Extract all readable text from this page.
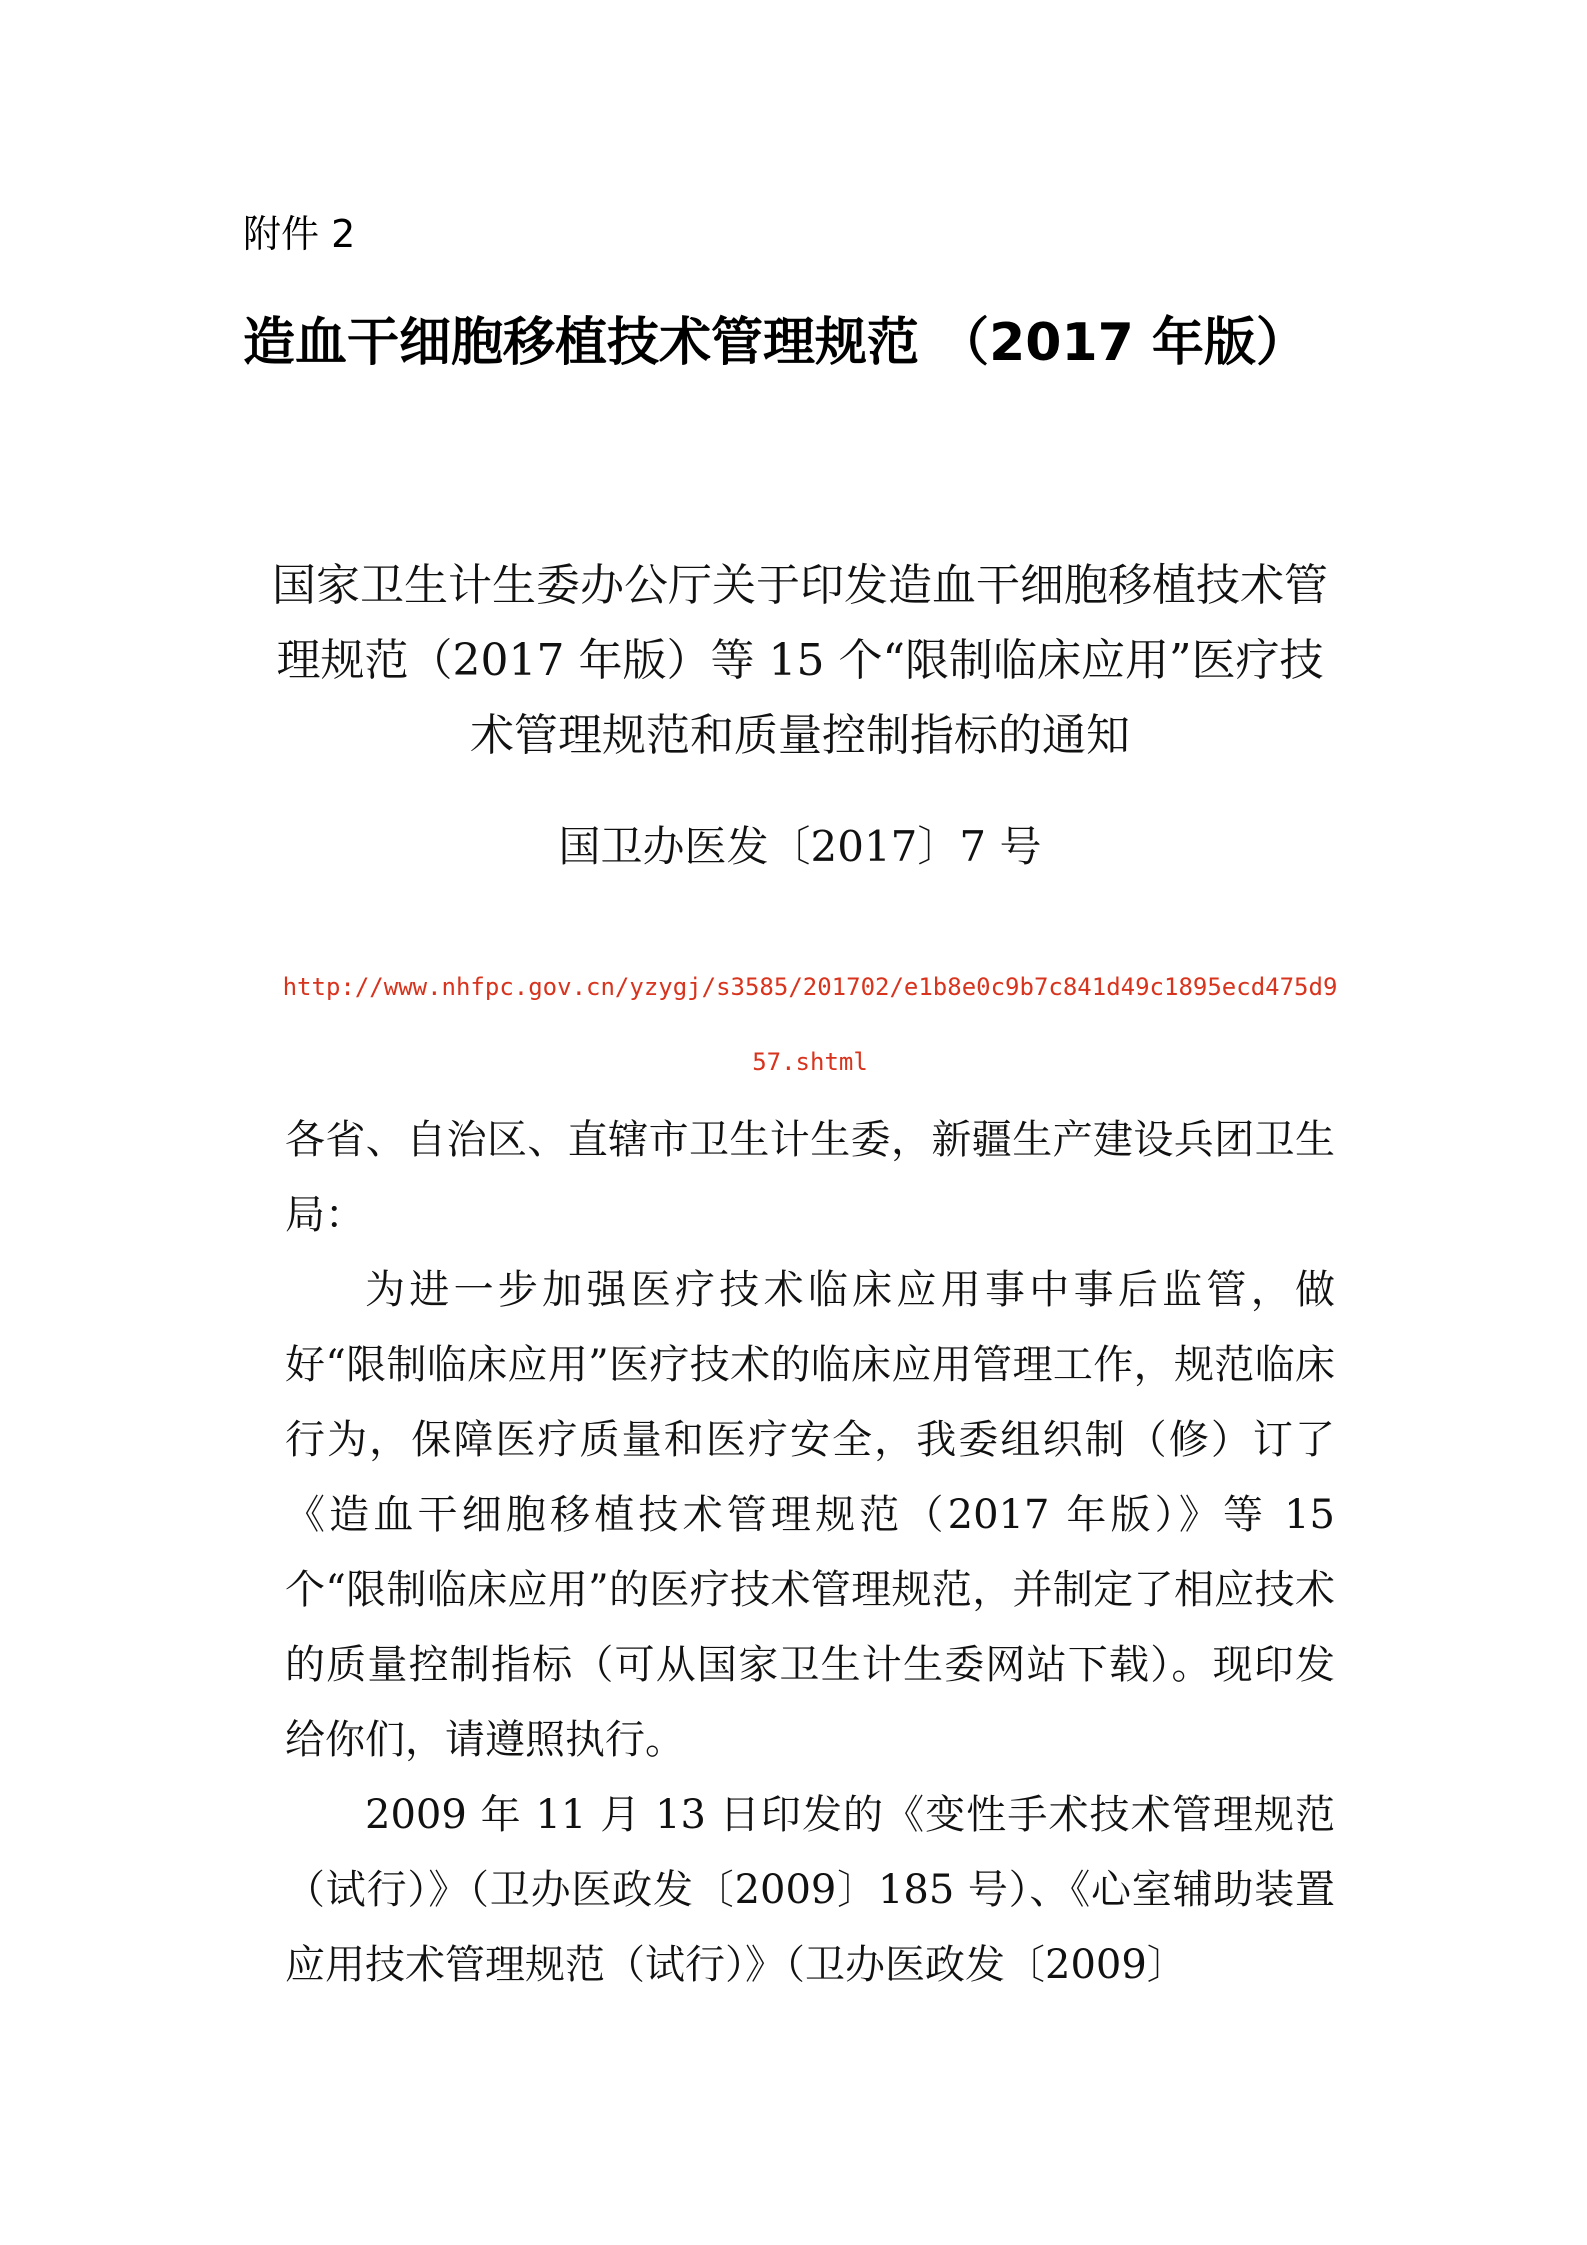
附件 2
造血干细胞移植技术管理规范 （2017 年版）
国家卫生计生委办公厅关于印发造血干细胞移植技术管理规范（2017 年版）等 15 个“限制临床应用”医疗技术管理规范和质量控制指标的通知
国卫办医发〔2017〕7 号
http://www.nhfpc.gov.cn/yzygj/s3585/201702/e1b8e0c9b7c841d49c1895ecd475d957.shtml

各省、自治区、直辖市卫生计生委，新疆生产建设兵团卫生局：

为进一步加强医疗技术临床应用事中事后监管，做好“限制临床应用”医疗技术的临床应用管理工作，规范临床行为，保障医疗质量和医疗安全，我委组织制（修）订了《造血干细胞移植技术管理规范（2017 年版）》等 15 个“限制临床应用”的医疗技术管理规范，并制定了相应技术的质量控制指标（可从国家卫生计生委网站下载）。现印发给你们，请遵照执行。

2009 年 11 月 13 日印发的《变性手术技术管理规范（试行）》（卫办医政发〔2009〕185 号）、《心室辅助装置应用技术管理规范（试行）》（卫办医政发〔2009〕
